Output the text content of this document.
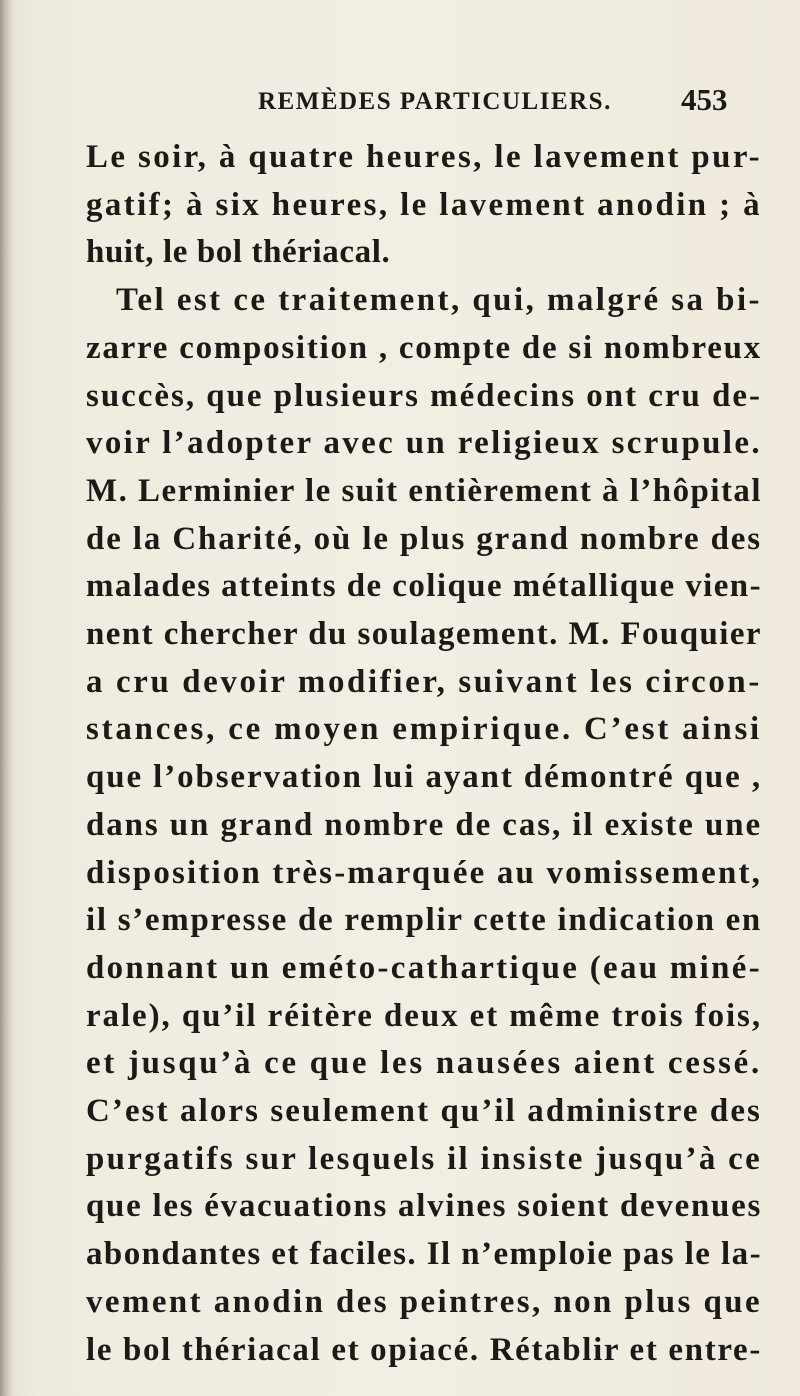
REMÈDES PARTICULIERS. 453
Le soir, à quatre heures, le lavement pur-
gatif; à six heures, le lavement anodin ; à
huit, le bol thériacal.
Tel est ce traitement, qui, malgré sa bi-
zarre composition , compte de si nombreux
succès, que plusieurs médecins ont cru de-
voir l’adopter avec un religieux scrupule.
M. Lerminier le suit entièrement à l’hôpital
de la Charité, où le plus grand nombre des
malades atteints de colique métallique vien-
nent chercher du soulagement. M. Fouquier
a cru devoir modifier, suivant les circon-
stances, ce moyen empirique. C’est ainsi
que l’observation lui ayant démontré que ,
dans un grand nombre de cas, il existe une
disposition très-marquée au vomissement,
il s’empresse de remplir cette indication en
donnant un eméto-cathartique (eau miné-
rale), qu’il réitère deux et même trois fois,
et jusqu’à ce que les nausées aient cessé.
C’est alors seulement qu’il administre des
purgatifs sur lesquels il insiste jusqu’à ce
que les évacuations alvines soient devenues
abondantes et faciles. Il n’emploie pas le la-
vement anodin des peintres, non plus que
le bol thériacal et opiacé. Rétablir et entre-
